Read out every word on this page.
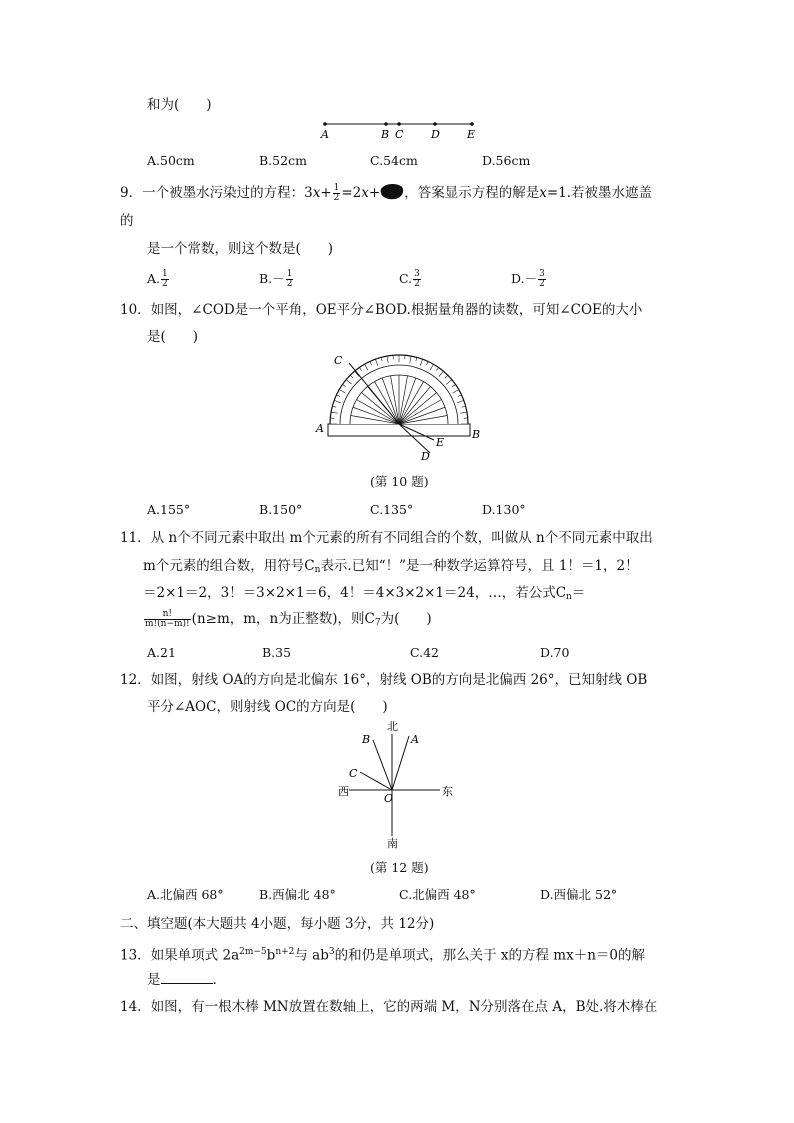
和为(　　)
A	B C	D E
A.50cm	B.52cm	C.54cm	D.56cm
9．一个被墨水污染过的方程：$3x+ \frac{1}{2} =2x+$ ，答案显示方程的解是x=1.若被墨水遮盖
的
是一个常数，则这个数是(　　)
A. $\frac{1}{2}$	$B.- \frac{1}{2}$	C. $\frac{3}{2}$	$D.- \frac{3}{2}$
10．如图，∠COD是一个平角，OE平分∠BOD.根据量角器的读数，可知∠COE的大小
是(　　)
C
A	B
E
D
(第 10 题)
A.155°	B.150°	C.135°	D.130°
11．从 n个不同元素中取出 m个元素的所有不同组合的个数，叫做从 n个不同元素中取出
m个元素的组合数，用符号Cn表示.已知“！”是一种数学运算符号，且 1！＝1，2！
＝2×1＝2，3！＝3×2×1＝6，4！＝4×3×2×1＝24，…，若公式Cn＝
$\frac{n!}{m!(n-m)!} (n\ge m$，m，n为正整数)，则C7为(　　)
A.21	B.35	C.42	D.70
12．如图，射线 OA的方向是北偏东 16°，射线 OB的方向是北偏西 26°，已知射线 OB
平分∠AOC，则射线 OC的方向是(　　)
北
南
西	东
B	A
C
O
(第 12 题)
A.北偏西 68°	B.西偏北 48°	C.北偏西 48°	D.西偏北 52°
二、填空题(本大题共 4小题，每小题 3分，共 12分)
13．如果单项式 $2a^{2m-5}b^{n+2}$与 $ab^3$的和仍是单项式，那么关于 x的方程 mx＋n＝0的解
是	.
14．如图，有一根木棒 MN放置在数轴上，它的两端 M，N分别落在点 A，B处.将木棒在
